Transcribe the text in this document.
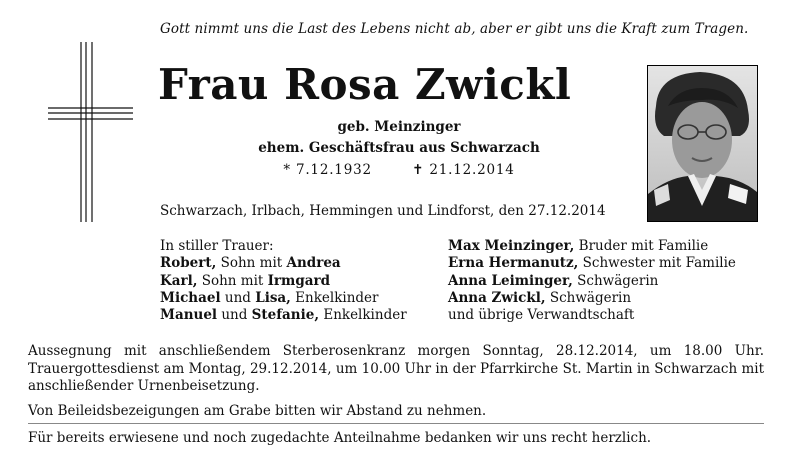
Gott nimmt uns die Last des Lebens nicht ab, aber er gibt uns die Kraft zum Tragen.
Frau Rosa Zwickl
geb. Meinzinger
ehem. Geschäftsfrau aus Schwarzach
* 7.12.1932	✝ 21.12.2014
Schwarzach, Irlbach, Hemmingen und Lindforst, den 27.12.2014
In stiller Trauer:
Robert, Sohn mit Andrea
Karl, Sohn mit Irmgard
Michael und Lisa, Enkelkinder
Manuel und Stefanie, Enkelkinder
Max Meinzinger, Bruder mit Familie
Erna Hermanutz, Schwester mit Familie
Anna Leiminger, Schwägerin
Anna Zwickl, Schwägerin
und übrige Verwandtschaft
Aussegnung mit anschließendem Sterberosenkranz morgen Sonntag, 28.12.2014, um 18.00 Uhr. Trauergottesdienst am Montag, 29.12.2014, um 10.00 Uhr in der Pfarrkirche St. Martin in Schwarzach mit anschließender Urnenbeisetzung.
Von Beileidsbezeigungen am Grabe bitten wir Abstand zu nehmen.
Für bereits erwiesene und noch zugedachte Anteilnahme bedanken wir uns recht herzlich.
